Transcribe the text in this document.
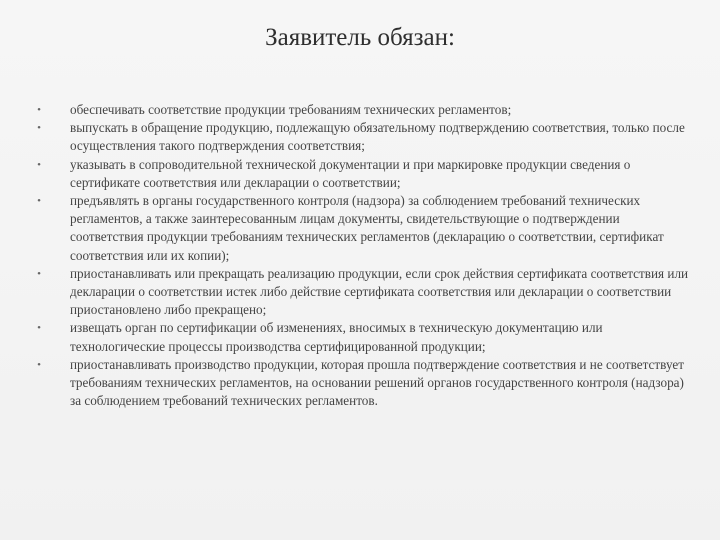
Заявитель обязан:
• обеспечивать соответствие продукции требованиям технических регламентов;
• выпускать в обращение продукцию, подлежащую обязательному подтверждению соответствия, только после осуществления такого подтверждения соответствия;
• указывать в сопроводительной технической документации и при маркировке продукции сведения о сертификате соответствия или декларации о соответствии;
• предъявлять в органы государственного контроля (надзора) за соблюдением требований технических регламентов, а также заинтересованным лицам документы, свидетельствующие о подтверждении соответствия продукции требованиям технических регламентов (декларацию о соответствии, сертификат соответствия или их копии);
• приостанавливать или прекращать реализацию продукции, если срок действия сертификата соответствия или декларации о соответствии истек либо действие сертификата соответствия или декларации о соответствии приостановлено либо прекращено;
• извещать орган по сертификации об изменениях, вносимых в техническую документацию или технологические процессы производства сертифицированной продукции;
• приостанавливать производство продукции, которая прошла подтверждение соответствия и не соответствует требованиям технических регламентов, на основании решений органов государственного контроля (надзора) за соблюдением требований технических регламентов.
